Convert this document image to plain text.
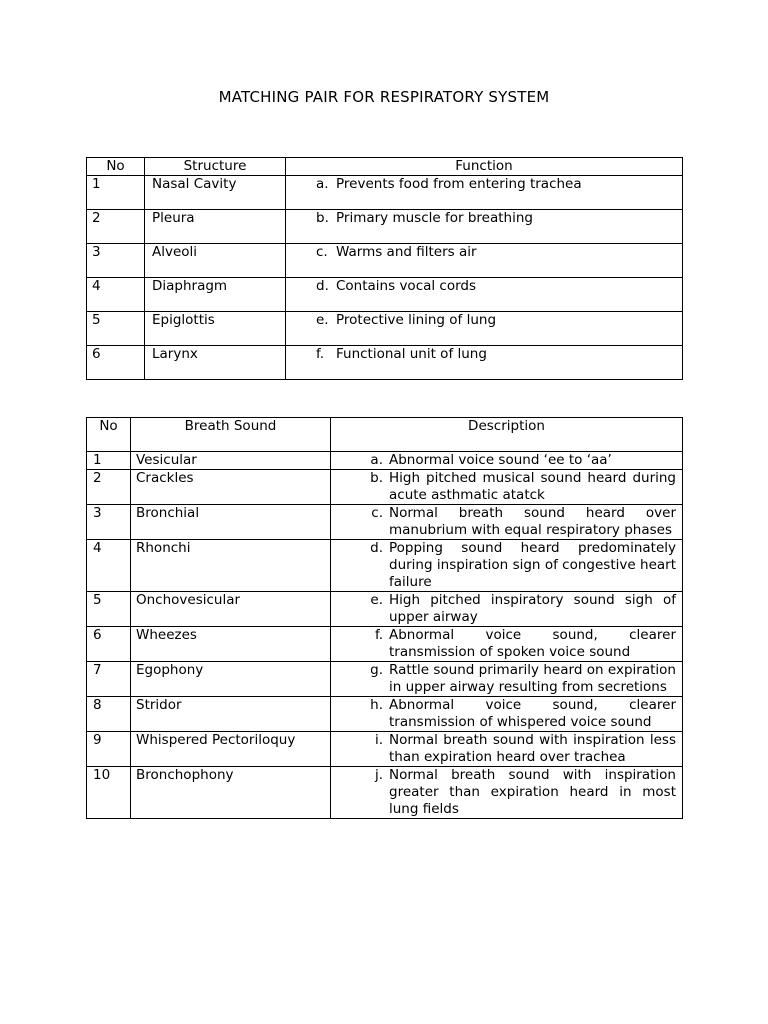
MATCHING PAIR FOR RESPIRATORY SYSTEM
No	Structure	Function
1	Nasal Cavity	a. Prevents food from entering trachea
2	Pleura	b. Primary muscle for breathing
3	Alveoli	c. Warms and filters air
4	Diaphragm	d. Contains vocal cords
5	Epiglottis	e. Protective lining of lung
6	Larynx	f. Functional unit of lung
No	Breath Sound	Description
1	Vesicular	a. Abnormal voice sound ‘ee to ‘aa’

2	Crackles	b. High pitched musical sound heard during acute asthmatic atatck

3	Bronchial	c. Normal breath sound heard over manubrium with equal respiratory phases

4	Rhonchi	d. Popping sound heard predominately during inspiration sign of congestive heart failure

5	Onchovesicular	e. High pitched inspiratory sound sigh of upper airway

6	Wheezes	f. Abnormal voice sound, clearer transmission of spoken voice sound

7	Egophony	g. Rattle sound primarily heard on expiration in upper airway resulting from secretions

8	Stridor	h. Abnormal voice sound, clearer transmission of whispered voice sound

9	Whispered Pectoriloquy	i. Normal breath sound with inspiration less than expiration heard over trachea

10	Bronchophony	j. Normal breath sound with inspiration greater than expiration heard in most lung fields
